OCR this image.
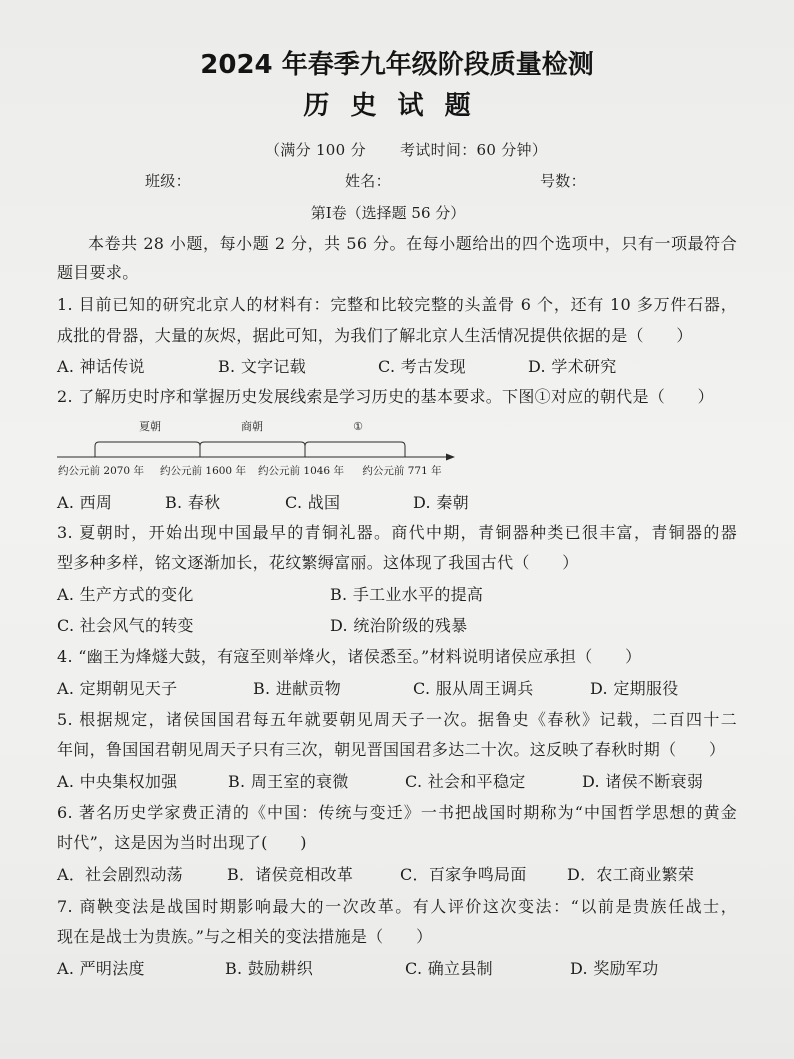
2024 年春季九年级阶段质量检测
历 史 试 题
（满分 100 分 考试时间：60 分钟）
班级：	姓名：	号数：
第Ⅰ卷（选择题 56 分）
本卷共 28 小题，每小题 2 分，共 56 分。在每小题给出的四个选项中，只有一项最符合
题目要求。
1. 目前已知的研究北京人的材料有：完整和比较完整的头盖骨 6 个，还有 10 多万件石器，
成批的骨器，大量的灰烬，据此可知，为我们了解北京人生活情况提供依据的是（　　）
A. 神话传说	B. 文字记载	C. 考古发现	D. 学术研究
2. 了解历史时序和掌握历史发展线索是学习历史的基本要求。下图①对应的朝代是（　　）
夏朝	商朝	①
约公元前 2070 年 约公元前 1600 年 约公元前 1046 年 约公元前 771 年
A. 西周	B. 春秋	C. 战国	D. 秦朝
3. 夏朝时，开始出现中国最早的青铜礼器。商代中期，青铜器种类已很丰富，青铜器的器
型多种多样，铭文逐渐加长，花纹繁缛富丽。这体现了我国古代（　　）
A. 生产方式的变化	B. 手工业水平的提高
C. 社会风气的转变	D. 统治阶级的残暴
4. “幽王为烽燧大鼓，有寇至则举烽火，诸侯悉至。”材料说明诸侯应承担（　　）
A. 定期朝见天子	B. 进献贡物	C. 服从周王调兵	D. 定期服役
5. 根据规定，诸侯国国君每五年就要朝见周天子一次。据鲁史《春秋》记载，二百四十二
年间，鲁国国君朝见周天子只有三次，朝见晋国国君多达二十次。这反映了春秋时期（　　）
A. 中央集权加强	B. 周王室的衰微	C. 社会和平稳定	D. 诸侯不断衰弱
6. 著名历史学家费正清的《中国：传统与变迁》一书把战国时期称为“中国哲学思想的黄金
时代”，这是因为当时出现了(　　)
A．社会剧烈动荡	B．诸侯竞相改革	C．百家争鸣局面	D．农工商业繁荣
7. 商鞅变法是战国时期影响最大的一次改革。有人评价这次变法：“以前是贵族任战士，
现在是战士为贵族。”与之相关的变法措施是（　　）
A. 严明法度	B. 鼓励耕织	C. 确立县制	D. 奖励军功
